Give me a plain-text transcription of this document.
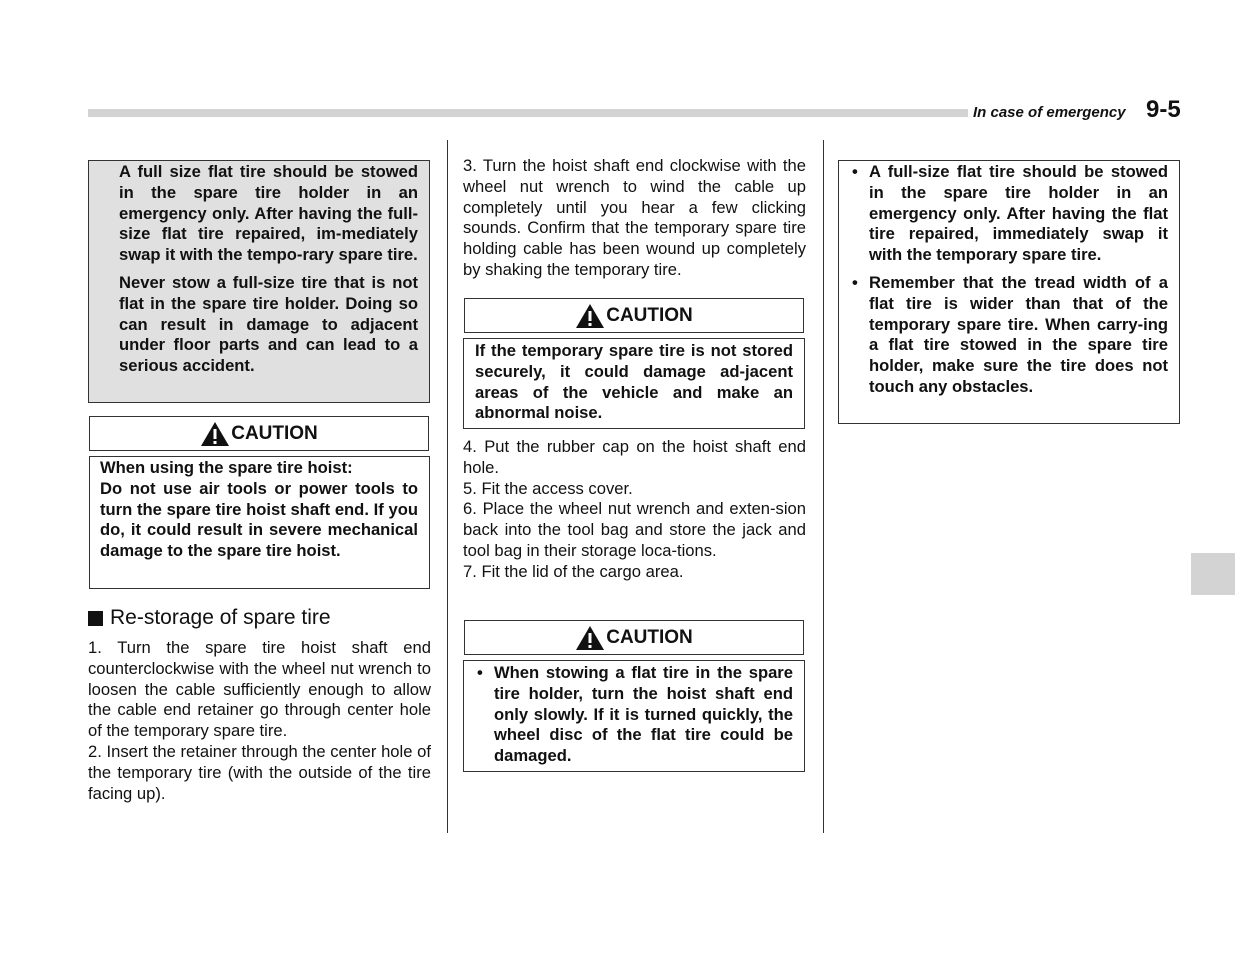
In case of emergency 9-5

A full size flat tire should be stowed in the spare tire holder in an emergency only. After having the full-size flat tire repaired, im-mediately swap it with the tempo-rary spare tire.

Never stow a full-size tire that is not flat in the spare tire holder. Doing so can result in damage to adjacent under floor parts and can lead to a serious accident.

CAUTION

When using the spare tire hoist:

Do not use air tools or power tools to turn the spare tire hoist shaft end. If you do, it could result in severe mechanical damage to the spare tire hoist.

Re-storage of spare tire

1. Turn the spare tire hoist shaft end counterclockwise with the wheel nut wrench to loosen the cable sufficiently enough to allow the cable end retainer go through center hole of the temporary spare tire.

2. Insert the retainer through the center hole of the temporary tire (with the outside of the tire facing up).

3. Turn the hoist shaft end clockwise with the wheel nut wrench to wind the cable up completely until you hear a few clicking sounds. Confirm that the temporary spare tire holding cable has been wound up completely by shaking the temporary tire.

CAUTION

If the temporary spare tire is not stored securely, it could damage ad-jacent areas of the vehicle and make an abnormal noise.

4. Put the rubber cap on the hoist shaft end hole.

5. Fit the access cover.

6. Place the wheel nut wrench and exten-sion back into the tool bag and store the jack and tool bag in their storage loca-tions.

7. Fit the lid of the cargo area.

CAUTION
• When stowing a flat tire in the spare tire holder, turn the hoist shaft end only slowly. If it is turned quickly, the wheel disc of the flat tire could be damaged.
• A full-size flat tire should be stowed in the spare tire holder in an emergency only. After having the flat tire repaired, immediately swap it with the temporary spare tire.
• Remember that the tread width of a flat tire is wider than that of the temporary spare tire. When carry-ing a flat tire stowed in the spare tire holder, make sure the tire does not touch any obstacles.
